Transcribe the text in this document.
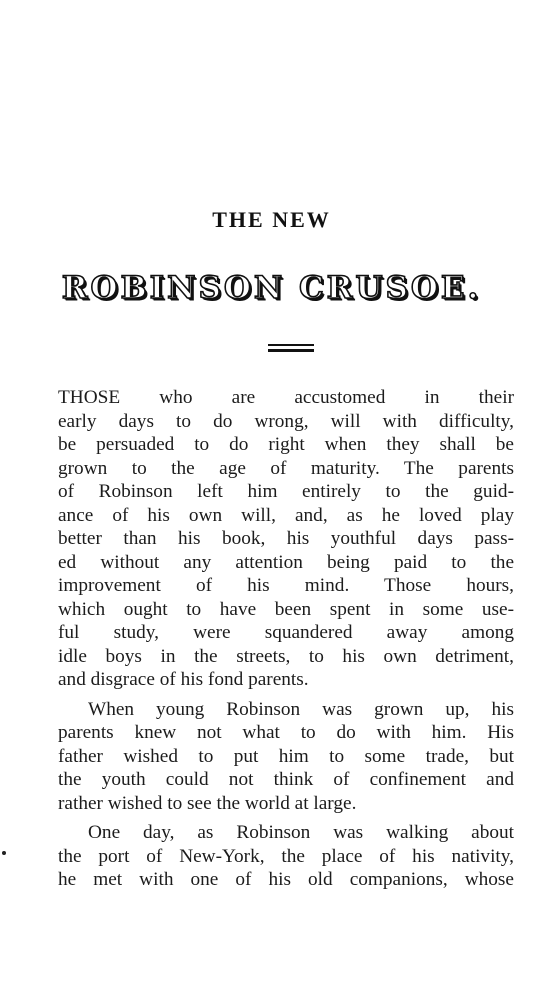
THE NEW
ROBINSON CRUSOE.
THOSE who are accustomed in their
early days to do wrong, will with difficulty,
be persuaded to do right when they shall be
grown to the age of maturity. The parents
of Robinson left him entirely to the guid-
ance of his own will, and, as he loved play
better than his book, his youthful days pass-
ed without any attention being paid to the
improvement of his mind. Those hours,
which ought to have been spent in some use-
ful study, were squandered away among
idle boys in the streets, to his own detriment,
and disgrace of his fond parents.
When young Robinson was grown up, his
parents knew not what to do with him. His
father wished to put him to some trade, but
the youth could not think of confinement and
rather wished to see the world at large.
One day, as Robinson was walking about
the port of New-York, the place of his nativity,
he met with one of his old companions, whose
